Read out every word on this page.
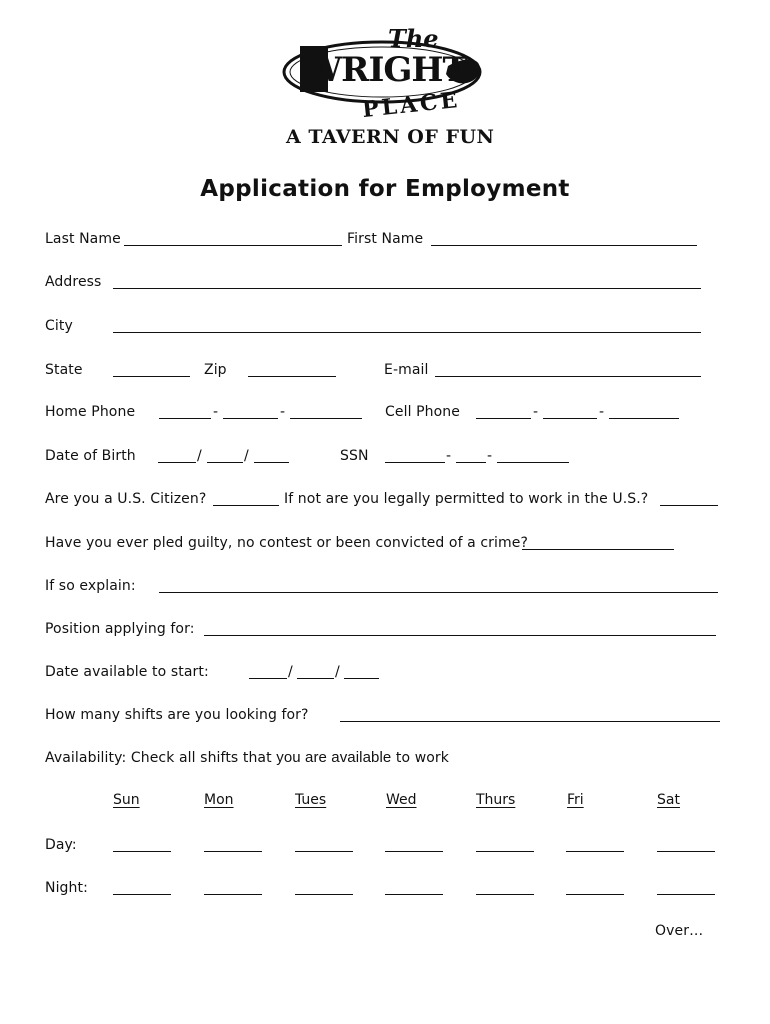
The
WRIGHT
PLACE
A TAVERN OF FUN
Application for Employment
Last Name	First Name
Address
City
State	Zip	E-mail
Home Phone	-	-	Cell Phone	-	-
Date of Birth	/	/	SSN	-	-
Are you a U.S. Citizen?	If not are you legally permitted to work in the U.S.?
Have you ever pled guilty, no contest or been convicted of a crime?
If so explain:
Position applying for:
Date available to start:	/	/
How many shifts are you looking for?
Availability: Check all shifts that you are available to work
Sun	Mon	Tues	Wed	Thurs	Fri	Sat
Day:
Night:
Over…
